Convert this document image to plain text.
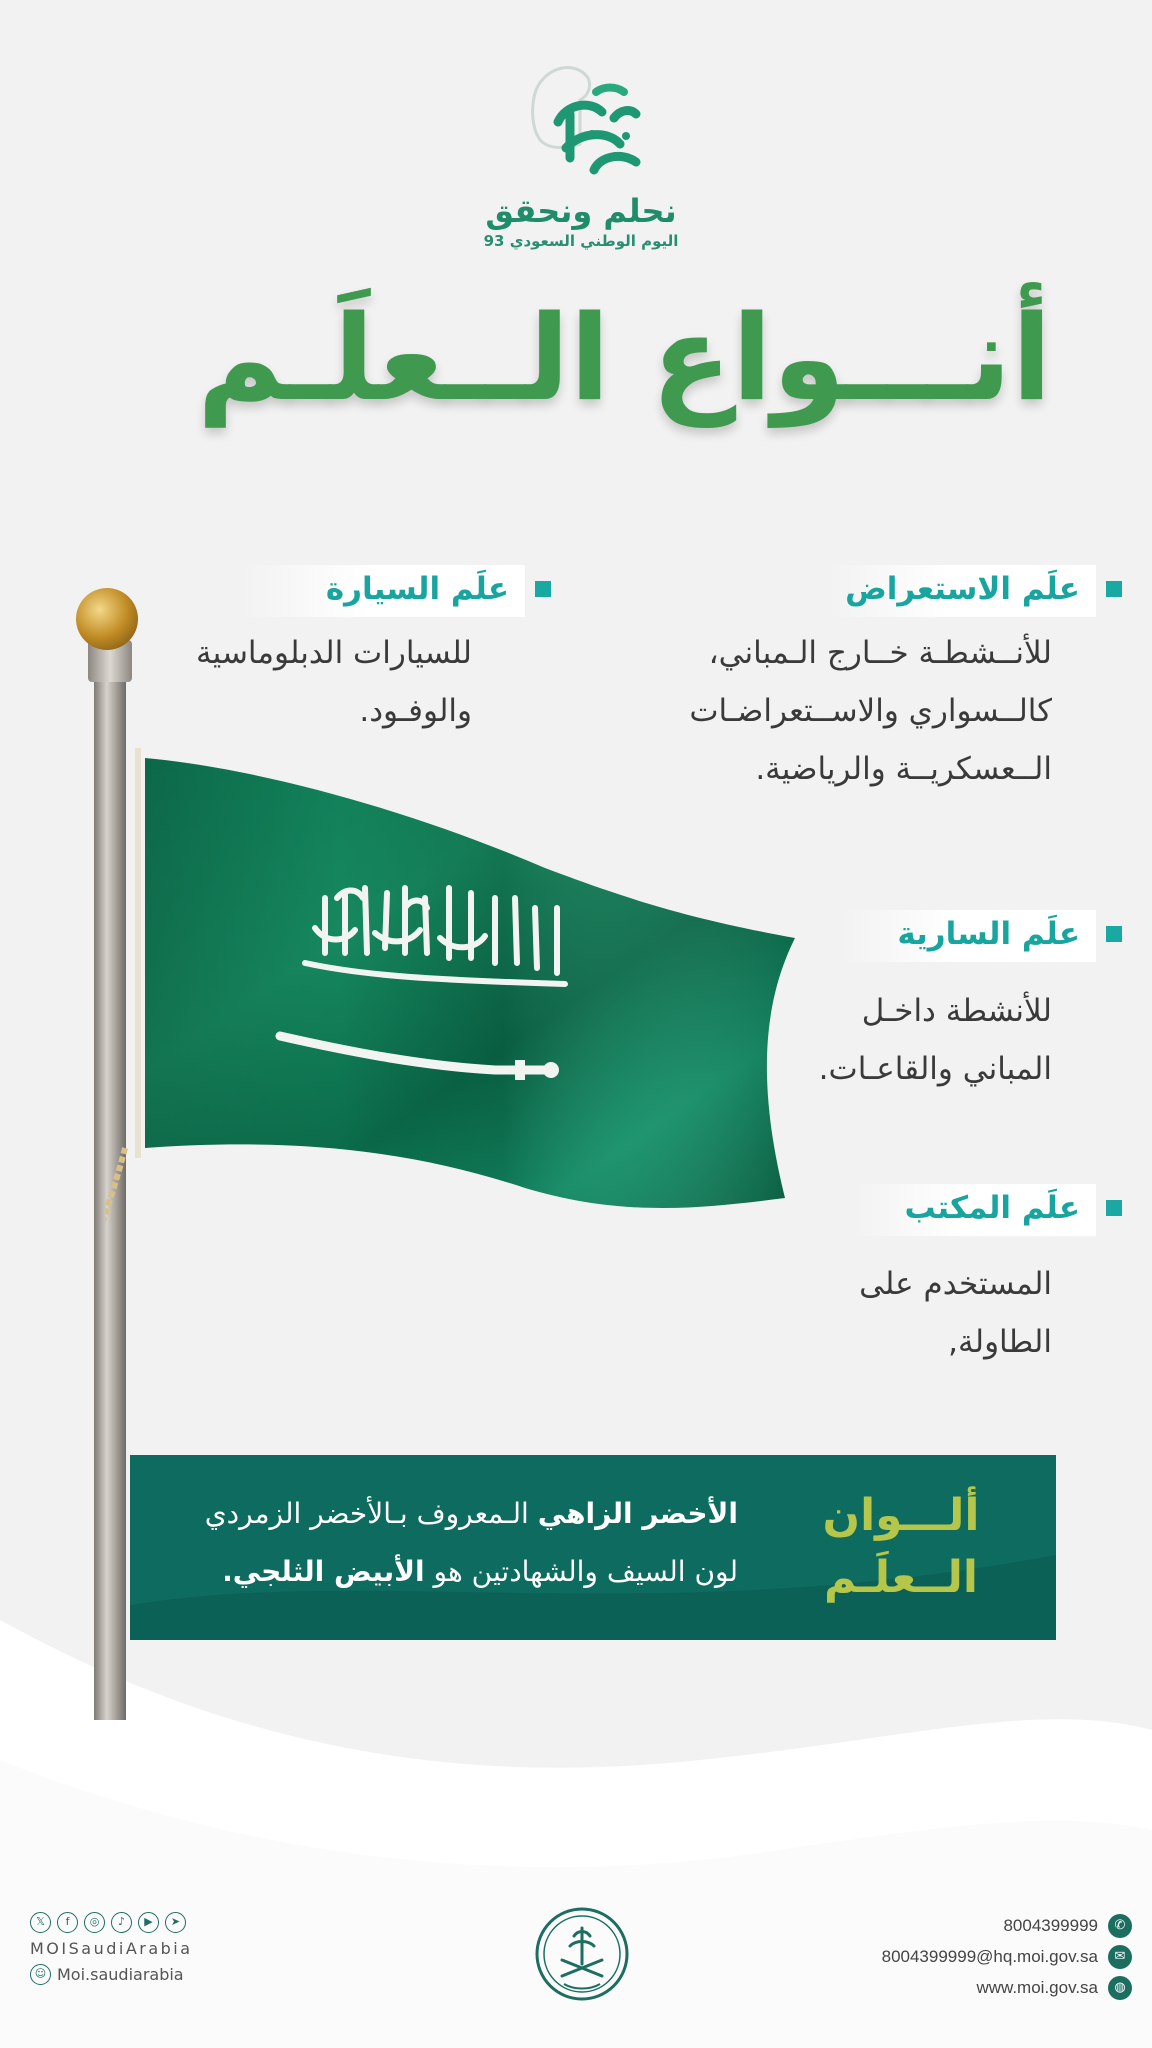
نحلم ونحقق
اليوم الوطني السعودي 93
أنـــواع الــعلَـم
علَم الاستعراض
للأنــشطـة خــارج الـمباني،
كالــسواري والاســتعراضـات
الــعسكريــة والرياضية.
علَم السيارة
للسيارات الدبلوماسية
والوفـود.
علَم السارية
للأنشطة داخـل
المباني والقاعـات.
علَم المكتب
المستخدم على
الطاولة,
ألـــوان
الــعلَـم
الأخضر الزاهي الـمعروف بـالأخضر الزمردي
لون السيف والشهادتين هو الأبيض الثلجي.
𝕏	f	◎	♪	▶	➤
MOISaudiArabia
☺ Moi.saudiarabia
8004399999	✆
8004399999@hq.moi.gov.sa	✉
www.moi.gov.sa	◍
